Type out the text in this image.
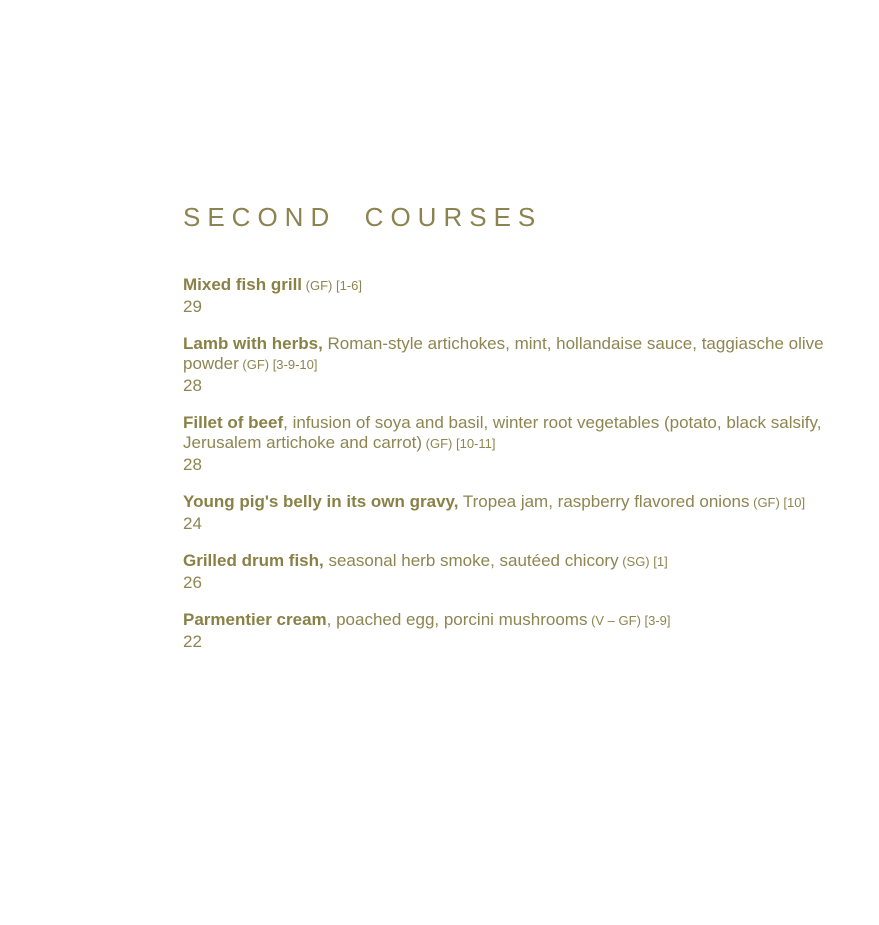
SECOND  COURSES
Mixed fish grill (GF) [1-6]
29
Lamb with herbs, Roman-style artichokes, mint, hollandaise sauce, taggiasche olive powder (GF) [3-9-10]
28
Fillet of beef, infusion of soya and basil, winter root vegetables (potato, black salsify, Jerusalem artichoke and carrot) (GF) [10-11]
28
Young pig's belly in its own gravy, Tropea jam, raspberry flavored onions (GF) [10]
24
Grilled drum fish, seasonal herb smoke, sautéed chicory (SG) [1]
26
Parmentier cream, poached egg, porcini mushrooms (V – GF) [3-9]
22
